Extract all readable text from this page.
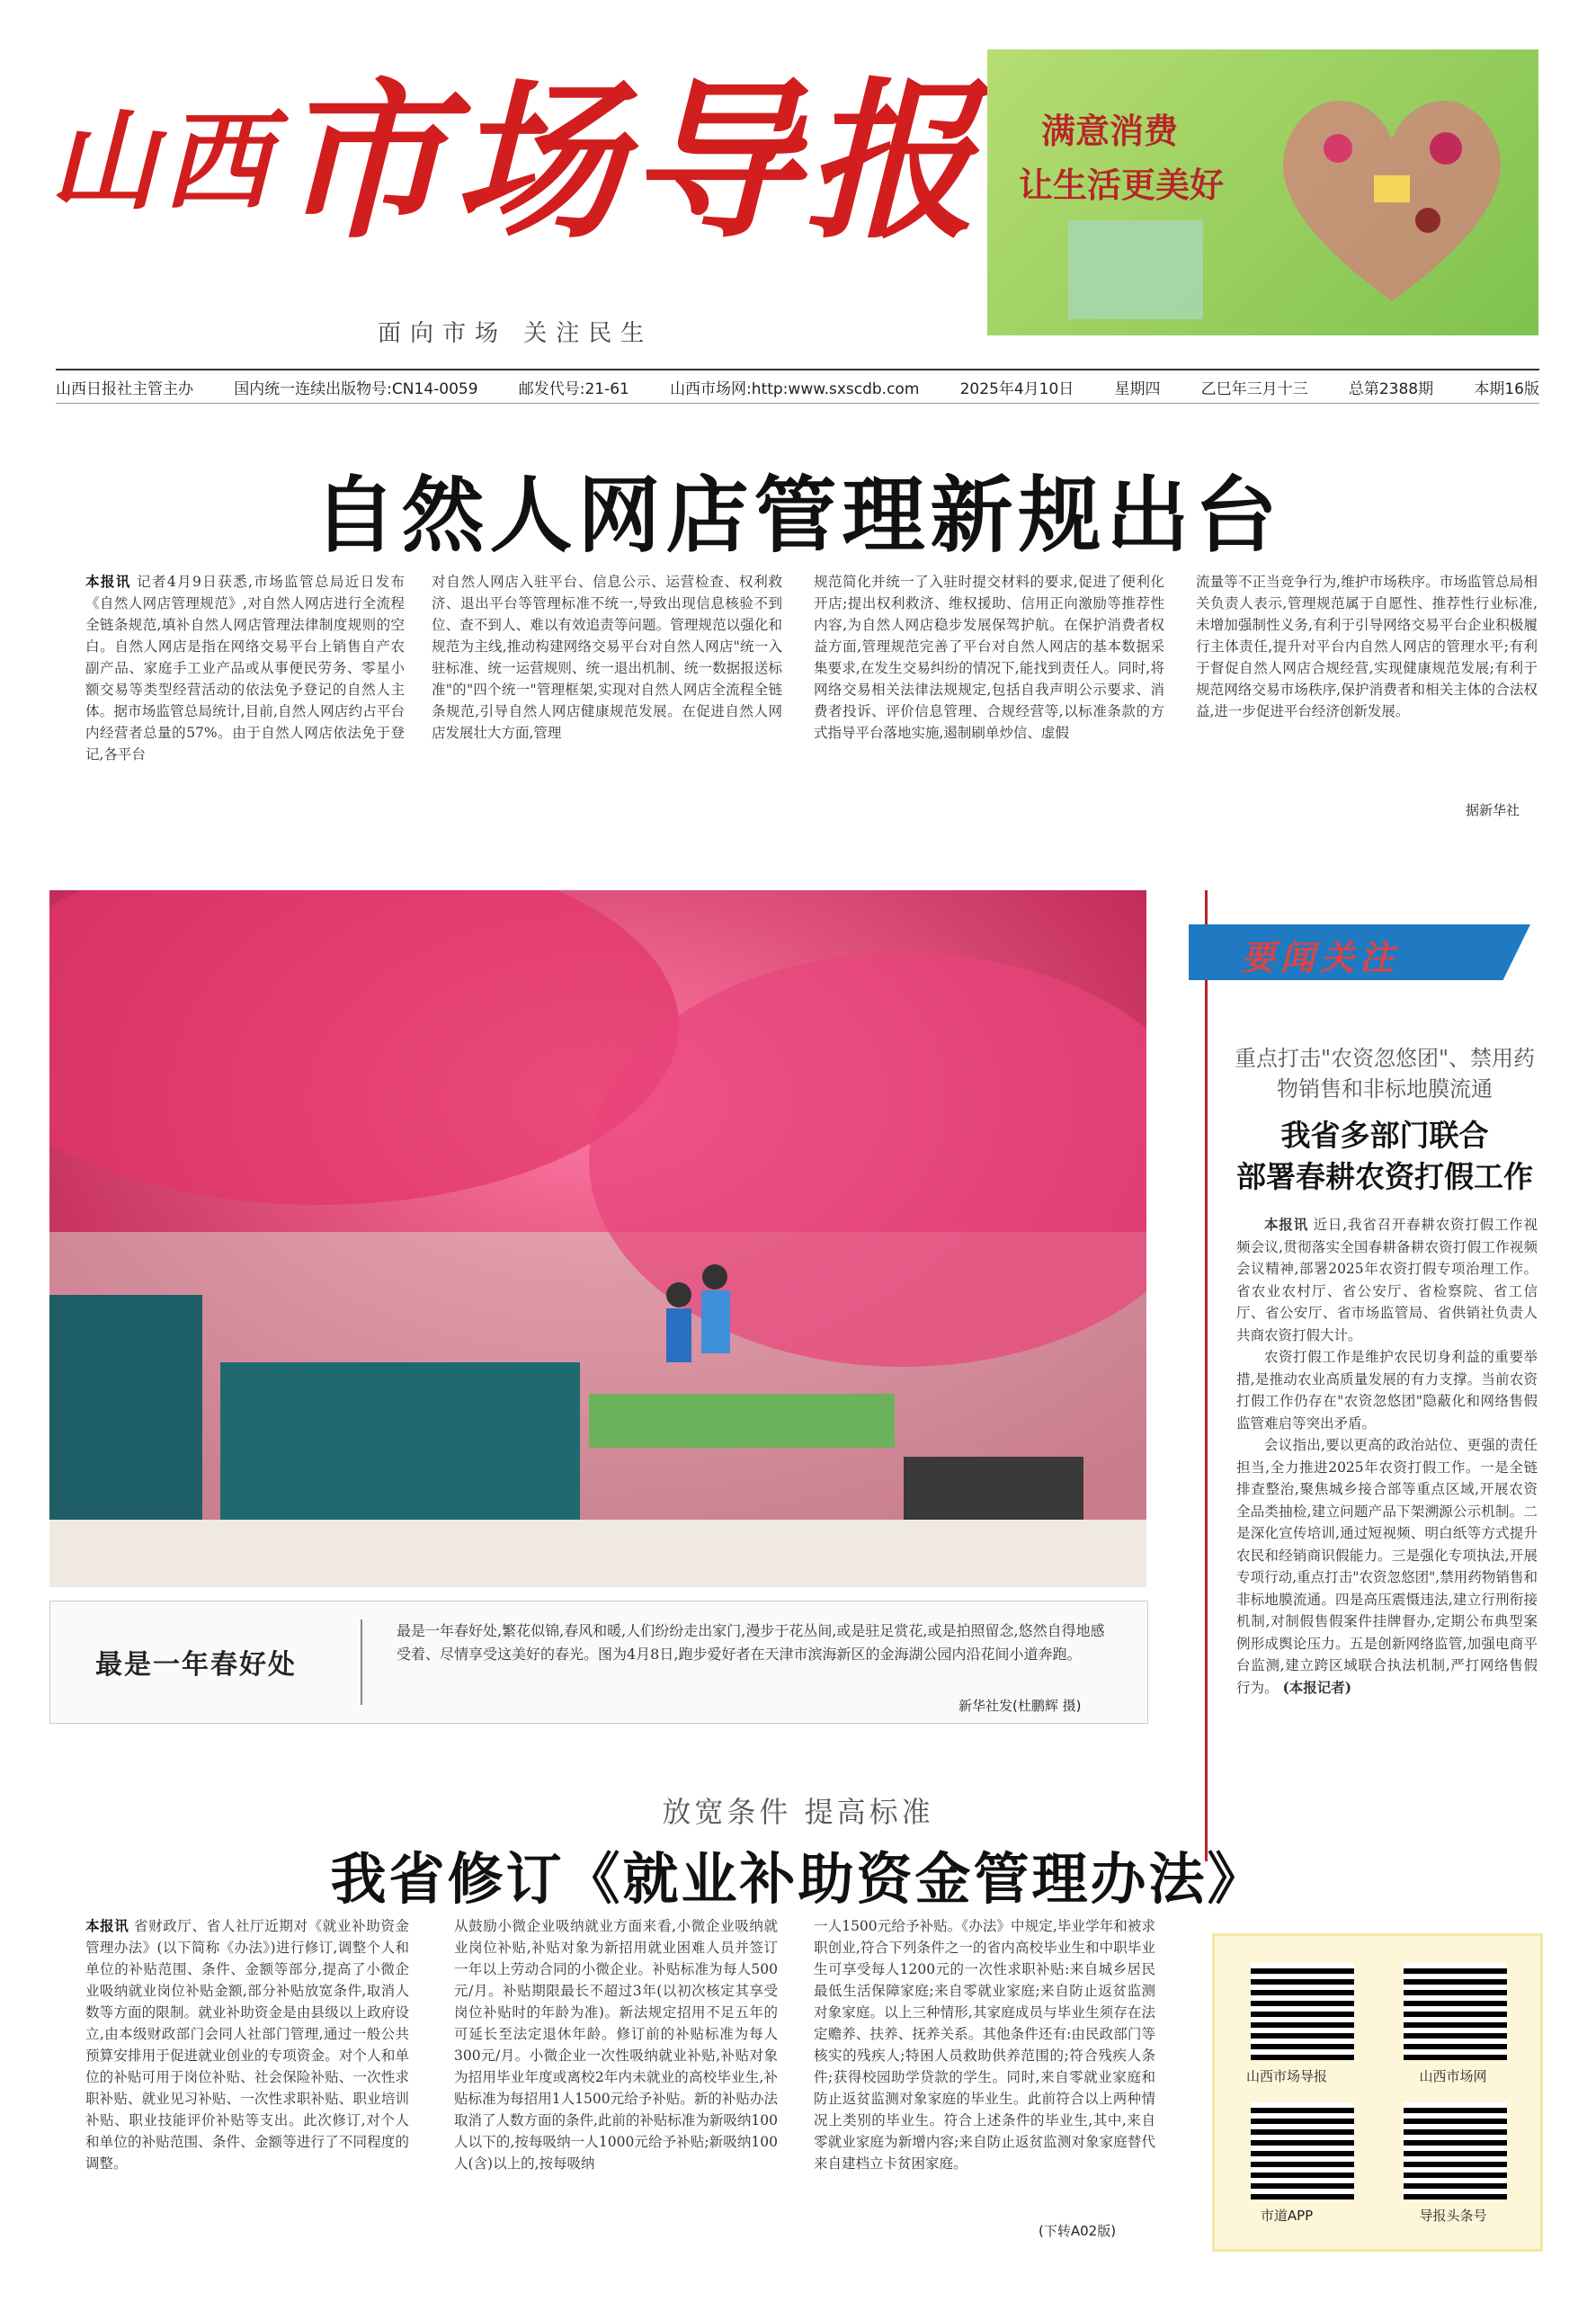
$^{山西}$市场导报
面向市场 关注民生
满意消费
让生活更美好
山西日报社主管主办	国内统一连续出版物号:CN14-0059	邮发代号:21-61	山西市场网:http:www.sxscdb.com	2025年4月10日	星期四	乙巳年三月十三	总第2388期	本期16版
自然人网店管理新规出台
本报讯 记者4月9日获悉,市场监管总局近日发布《自然人网店管理规范》,对自然人网店进行全流程全链条规范,填补自然人网店管理法律制度规则的空白。自然人网店是指在网络交易平台上销售自产农副产品、家庭手工业产品或从事便民劳务、零星小额交易等类型经营活动的依法免予登记的自然人主体。据市场监管总局统计,目前,自然人网店约占平台内经营者总量的57%。由于自然人网店依法免于登记,各平台
对自然人网店入驻平台、信息公示、运营检查、权利救济、退出平台等管理标准不统一,导致出现信息核验不到位、查不到人、难以有效追责等问题。管理规范以强化和规范为主线,推动构建网络交易平台对自然人网店"统一入驻标准、统一运营规则、统一退出机制、统一数据报送标准"的"四个统一"管理框架,实现对自然人网店全流程全链条规范,引导自然人网店健康规范发展。在促进自然人网店发展壮大方面,管理
规范简化并统一了入驻时提交材料的要求,促进了便利化开店;提出权利救济、维权援助、信用正向激励等推荐性内容,为自然人网店稳步发展保驾护航。在保护消费者权益方面,管理规范完善了平台对自然人网店的基本数据采集要求,在发生交易纠纷的情况下,能找到责任人。同时,将网络交易相关法律法规规定,包括自我声明公示要求、消费者投诉、评价信息管理、合规经营等,以标准条款的方式指导平台落地实施,遏制刷单炒信、虚假
流量等不正当竞争行为,维护市场秩序。市场监管总局相关负责人表示,管理规范属于自愿性、推荐性行业标准,未增加强制性义务,有利于引导网络交易平台企业积极履行主体责任,提升对平台内自然人网店的管理水平;有利于督促自然人网店合规经营,实现健康规范发展;有利于规范网络交易市场秩序,保护消费者和相关主体的合法权益,进一步促进平台经济创新发展。
据新华社
最是一年春好处
最是一年春好处,繁花似锦,春风和暖,人们纷纷走出家门,漫步于花丛间,或是驻足赏花,或是拍照留念,悠然自得地感受着、尽情享受这美好的春光。图为4月8日,跑步爱好者在天津市滨海新区的金海湖公园内沿花间小道奔跑。
新华社发(杜鹏辉 摄)
要闻关注
重点打击"农资忽悠团"、禁用药物销售和非标地膜流通
我省多部门联合
部署春耕农资打假工作

本报讯 近日,我省召开春耕农资打假工作视频会议,贯彻落实全国春耕备耕农资打假工作视频会议精神,部署2025年农资打假专项治理工作。省农业农村厅、省公安厅、省检察院、省工信厅、省公安厅、省市场监管局、省供销社负责人共商农资打假大计。

农资打假工作是维护农民切身利益的重要举措,是推动农业高质量发展的有力支撑。当前农资打假工作仍存在"农资忽悠团"隐蔽化和网络售假监管难启等突出矛盾。

会议指出,要以更高的政治站位、更强的责任担当,全力推进2025年农资打假工作。一是全链排查整治,聚焦城乡接合部等重点区域,开展农资全品类抽检,建立问题产品下架溯源公示机制。二是深化宣传培训,通过短视频、明白纸等方式提升农民和经销商识假能力。三是强化专项执法,开展专项行动,重点打击"农资忽悠团",禁用药物销售和非标地膜流通。四是高压震慑违法,建立行刑衔接机制,对制假售假案件挂牌督办,定期公布典型案例形成舆论压力。五是创新网络监管,加强电商平台监测,建立跨区域联合执法机制,严打网络售假行为。 (本报记者)

放宽条件 提高标准
我省修订《就业补助资金管理办法》
本报讯 省财政厅、省人社厅近期对《就业补助资金管理办法》(以下简称《办法》)进行修订,调整个人和单位的补贴范围、条件、金额等部分,提高了小微企业吸纳就业岗位补贴金额,部分补贴放宽条件,取消人数等方面的限制。就业补助资金是由县级以上政府设立,由本级财政部门会同人社部门管理,通过一般公共预算安排用于促进就业创业的专项资金。对个人和单位的补贴可用于岗位补贴、社会保险补贴、一次性求职补贴、就业见习补贴、一次性求职补贴、职业培训补贴、职业技能评价补贴等支出。此次修订,对个人和单位的补贴范围、条件、金额等进行了不同程度的调整。
从鼓励小微企业吸纳就业方面来看,小微企业吸纳就业岗位补贴,补贴对象为新招用就业困难人员并签订一年以上劳动合同的小微企业。补贴标准为每人500元/月。补贴期限最长不超过3年(以初次核定其享受岗位补贴时的年龄为准)。新法规定招用不足五年的可延长至法定退休年龄。修订前的补贴标准为每人300元/月。小微企业一次性吸纳就业补贴,补贴对象为招用毕业年度或离校2年内未就业的高校毕业生,补贴标准为每招用1人1500元给予补贴。新的补贴办法取消了人数方面的条件,此前的补贴标准为新吸纳100人以下的,按每吸纳一人1000元给予补贴;新吸纳100人(含)以上的,按每吸纳
一人1500元给予补贴。《办法》中规定,毕业学年和被求职创业,符合下列条件之一的省内高校毕业生和中职毕业生可享受每人1200元的一次性求职补贴:来自城乡居民最低生活保障家庭;来自零就业家庭;来自防止返贫监测对象家庭。以上三种情形,其家庭成员与毕业生须存在法定赡养、扶养、抚养关系。其他条件还有:由民政部门等核实的残疾人;特困人员救助供养范围的;符合残疾人条件;获得校园助学贷款的学生。同时,来自零就业家庭和防止返贫监测对象家庭的毕业生。此前符合以上两种情况上类别的毕业生。符合上述条件的毕业生,其中,来自零就业家庭为新增内容;来自防止返贫监测对象家庭替代来自建档立卡贫困家庭。
(下转A02版)
山西市场导报	山西市场网
市道APP	导报头条号
